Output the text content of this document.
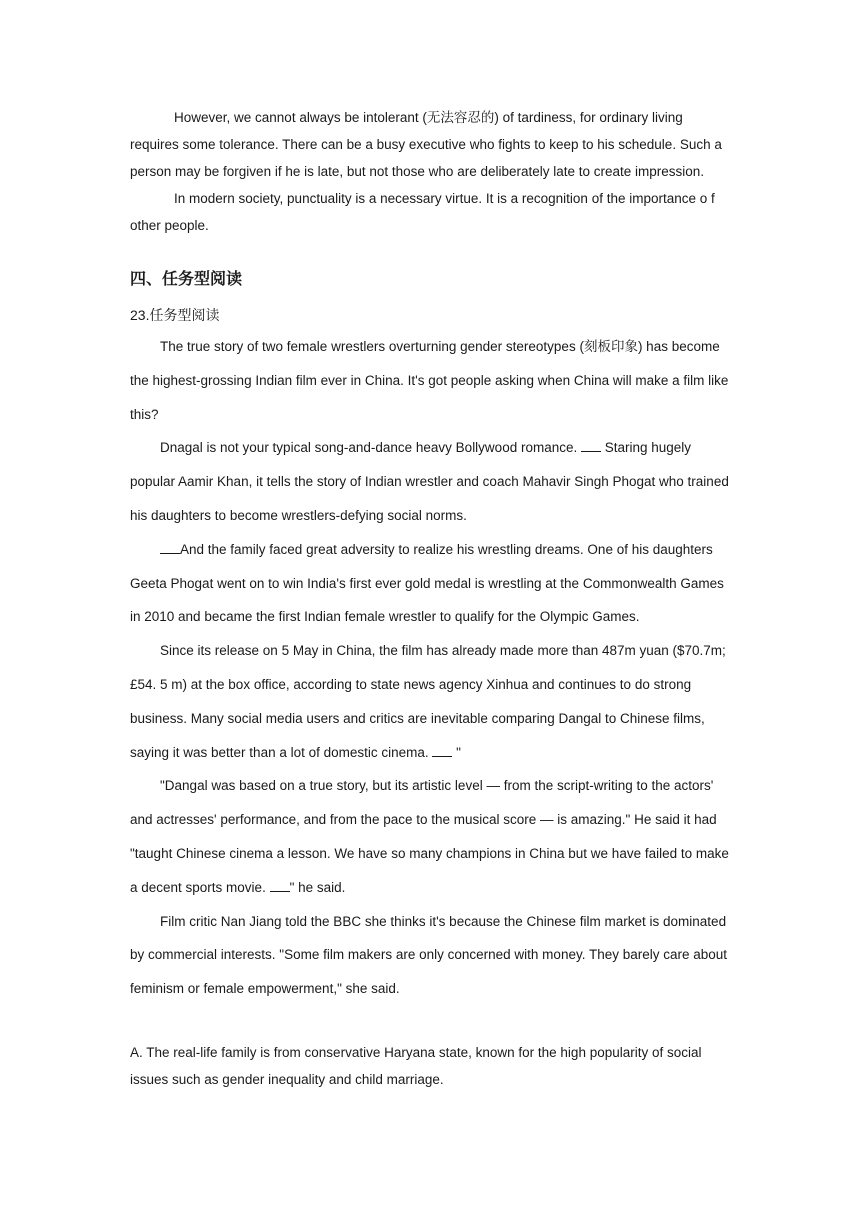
However, we cannot always be intolerant (无法容忍的) of tardiness, for ordinary living requires some tolerance. There can be a busy executive who fights to keep to his schedule. Such a person may be forgiven if he is late, but not those who are deliberately late to create impression.

In modern society, punctuality is a necessary virtue. It is a recognition of the importance o f other people.

四、任务型阅读
23.任务型阅读

The true story of two female wrestlers overturning gender stereotypes (刻板印象) has become the highest-grossing Indian film ever in China. It's got people asking when China will make a film like this?

Dnagal is not your typical song-and-dance heavy Bollywood romance.  Staring hugely popular Aamir Khan, it tells the story of Indian wrestler and coach Mahavir Singh Phogat who trained his daughters to become wrestlers-defying social norms.

And the family faced great adversity to realize his wrestling dreams. One of his daughters Geeta Phogat went on to win India's first ever gold medal is wrestling at the Commonwealth Games in 2010 and became the first Indian female wrestler to qualify for the Olympic Games.

Since its release on 5 May in China, the film has already made more than 487m yuan ($70.7m; £54. 5 m) at the box office, according to state news agency Xinhua and continues to do strong business. Many social media users and critics are inevitable comparing Dangal to Chinese films, saying it was better than a lot of domestic cinema.  "

"Dangal was based on a true story, but its artistic level — from the script-writing to the actors' and actresses' performance, and from the pace to the musical score — is amazing." He said it had "taught Chinese cinema a lesson. We have so many champions in China but we have failed to make a decent sports movie. " he said.

Film critic Nan Jiang told the BBC she thinks it's because the Chinese film market is dominated by commercial interests. "Some film makers are only concerned with money. They barely care about feminism or female empowerment," she said.

A. The real-life family is from conservative Haryana state, known for the high popularity of social issues such as gender inequality and child marriage.
